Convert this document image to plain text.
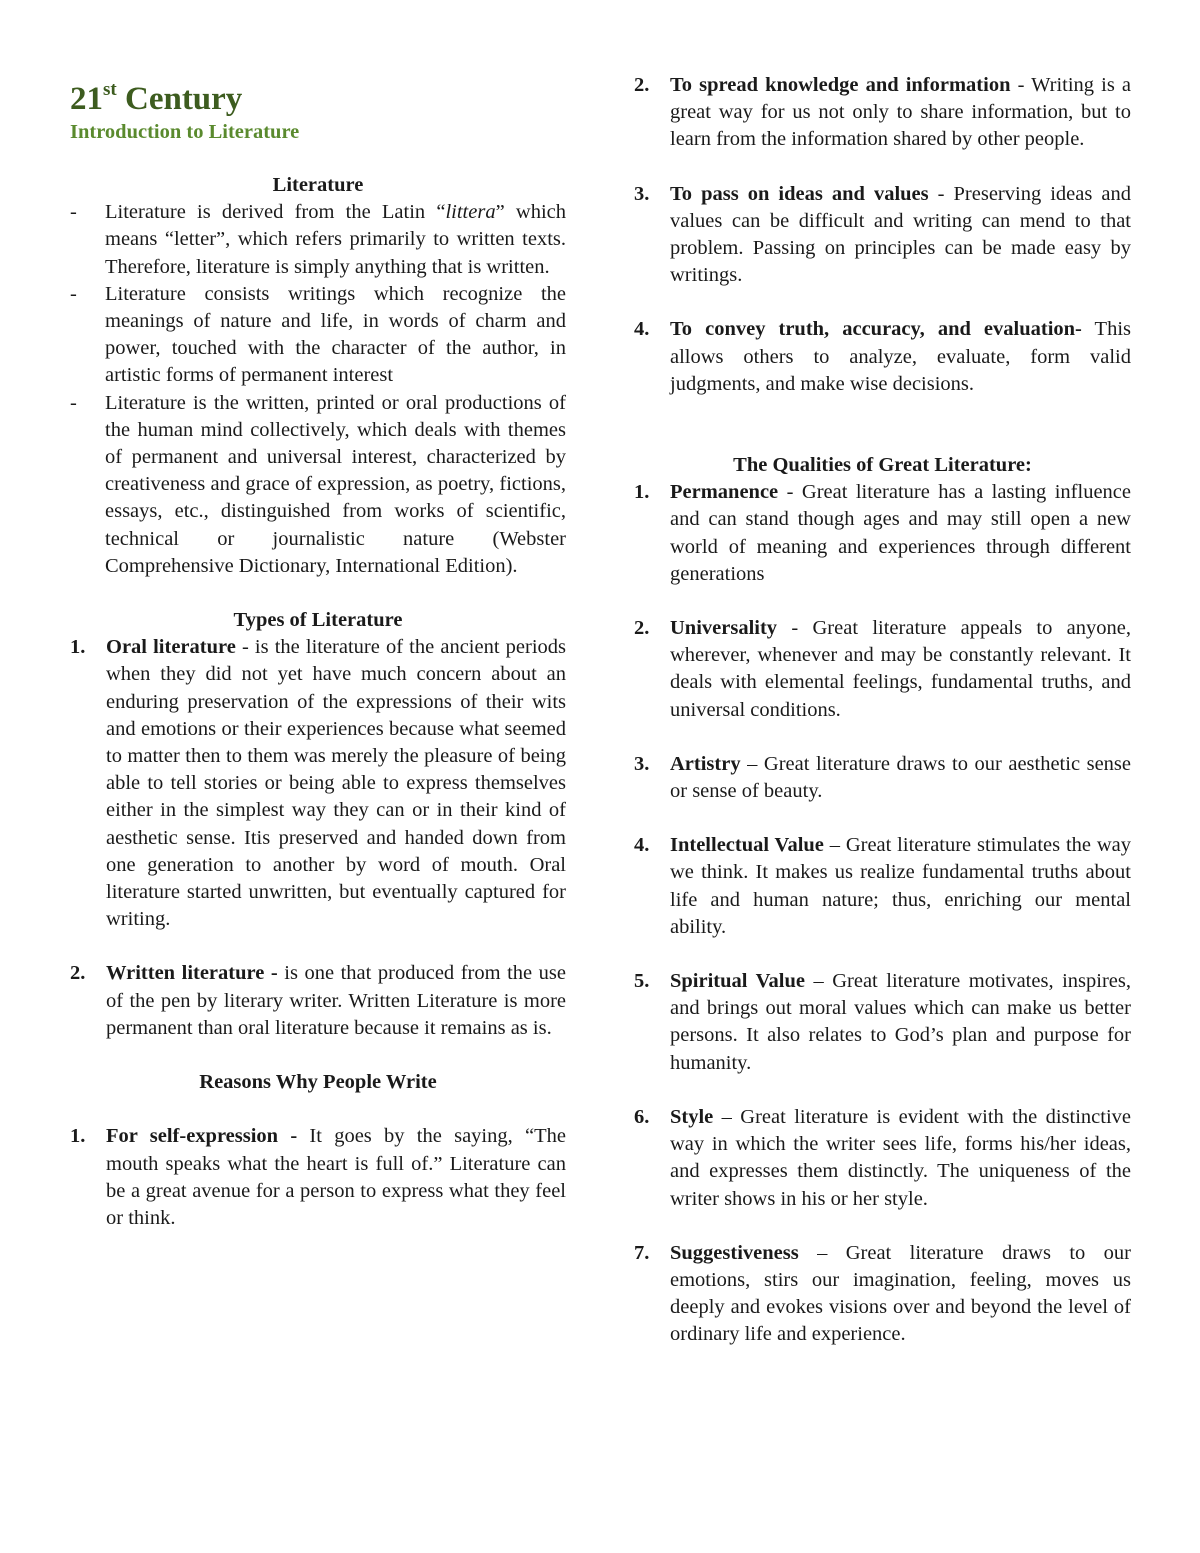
21st Century

Introduction to Literature

Literature

- Literature is derived from the Latin “littera” which means “letter”, which refers primarily to written texts. Therefore, literature is simply anything that is written.
- Literature consists writings which recognize the meanings of nature and life, in words of charm and power, touched with the character of the author, in artistic forms of permanent interest
- Literature is the written, printed or oral productions of the human mind collectively, which deals with themes of permanent and universal interest, characterized by creativeness and grace of expression, as poetry, fictions, essays, etc., distinguished from works of scientific, technical or journalistic nature (Webster Comprehensive Dictionary, International Edition).

Types of Literature

1. Oral literature - is the literature of the ancient periods when they did not yet have much concern about an enduring preservation of the expressions of their wits and emotions or their experiences because what seemed to matter then to them was merely the pleasure of being able to tell stories or being able to express themselves either in the simplest way they can or in their kind of aesthetic sense. Itis preserved and handed down from one generation to another by word of mouth. Oral literature started unwritten, but eventually captured for writing.
2. Written literature - is one that produced from the use of the pen by literary writer. Written Literature is more permanent than oral literature because it remains as is.

Reasons Why People Write

1. For self-expression - It goes by the saying, “The mouth speaks what the heart is full of.” Literature can be a great avenue for a person to express what they feel or think.
2. To spread knowledge and information - Writing is a great way for us not only to share information, but to learn from the information shared by other people.
3. To pass on ideas and values - Preserving ideas and values can be difficult and writing can mend to that problem. Passing on principles can be made easy by writings.
4. To convey truth, accuracy, and evaluation- This allows others to analyze, evaluate, form valid judgments, and make wise decisions.

The Qualities of Great Literature:

1. Permanence - Great literature has a lasting influence and can stand though ages and may still open a new world of meaning and experiences through different generations
2. Universality - Great literature appeals to anyone, wherever, whenever and may be constantly relevant. It deals with elemental feelings, fundamental truths, and universal conditions.
3. Artistry – Great literature draws to our aesthetic sense or sense of beauty.
4. Intellectual Value – Great literature stimulates the way we think. It makes us realize fundamental truths about life and human nature; thus, enriching our mental ability.
5. Spiritual Value – Great literature motivates, inspires, and brings out moral values which can make us better persons. It also relates to God’s plan and purpose for humanity.
6. Style – Great literature is evident with the distinctive way in which the writer sees life, forms his/her ideas, and expresses them distinctly. The uniqueness of the writer shows in his or her style.
7. Suggestiveness – Great literature draws to our emotions, stirs our imagination, feeling, moves us deeply and evokes visions over and beyond the level of ordinary life and experience.
